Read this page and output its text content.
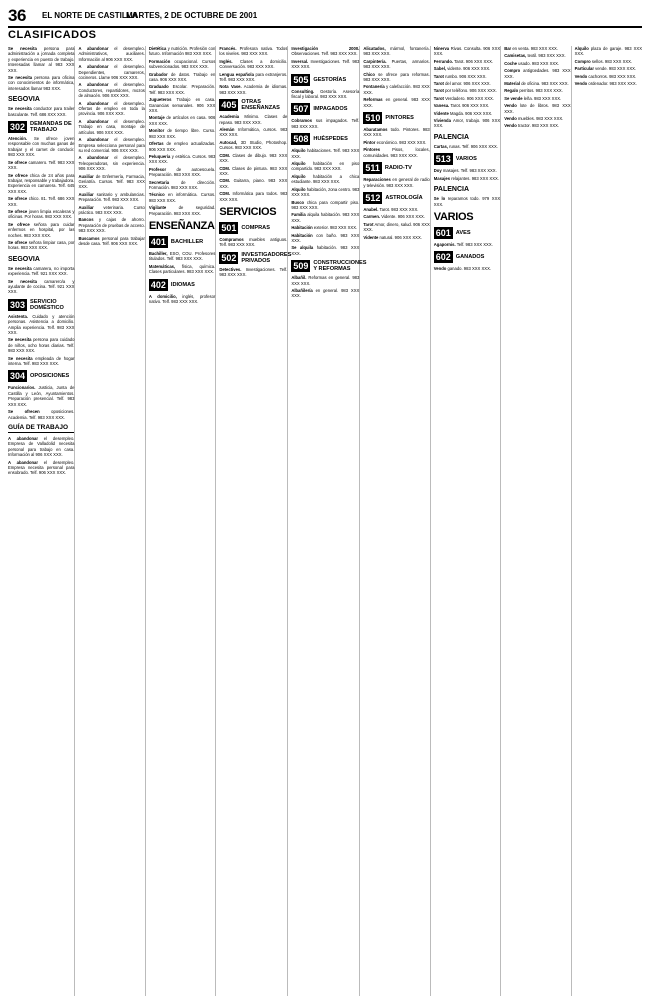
36 EL NORTE DE CASTILLA
MARTES, 2 DE OCTUBRE DE 2001
CLASIFICADOS

Se necesita persona para administración a jornada completa y experiencia en puesto de trabajo. Interesadas llamar al 983 XXX XXX.

Se necesita persona para oficina con conocimientos de informática, interesados llamar 983 XXX.

SEGOVIA

Se necesita conductor para trailer basculante. Telf. 686 XXX XXX.

302 DEMANDAS DE TRABAJO

Atención. Se ofrece joven responsable con muchas ganas de trabajar y el carnet de conducir. 983 XXX XXX.

Se ofrece camarero. Telf. 983 XXX XXX.

Se ofrece chica de 24 años para trabajar, responsable y trabajadora. Experiencia en camarera. Telf. 645 XXX XXX.

Se ofrece chico. 81. Telf. 686 XXX XXX.

Se ofrece joven limpia escaleras y oficinas. Por horas. 983 XXX XXX.

Se ofrece señora para cuidar enfermos en hospital, por las noches. 983 XXX XXX.

Se ofrece señora limpiar casa, por horas. 983 XXX XXX.

SEGOVIA

Se necesita camarera, no importa experiencia. Telf. 921 XXX XXX.

Se necesita camarero/a y ayudante de cocina. Telf. 921 XXX XXX.

303 SERVICIO DOMÉSTICO

Asistenta. Cuidado y atención personas. Asistencia a domicilio. Amplia experiencia. Telf. 983 XXX XXX.

Se necesita persona para cuidado de niños, ocho horas diarias. Telf. 983 XXX XXX.

Se necesita empleada de hogar interna. Telf. 983 XXX XXX.

304 OPOSICIONES

Funcionarios. Justicia, Junta de Castilla y León, Ayuntamientos. Preparación presencial. Telf. 983 XXX XXX.

Se ofrecen	oposiciones. Academia. Telf. 983 XXX XXX.

GUÍA DE TRABAJO

A abandonar el desempleo. Empresa de Valladolid necesita personal para trabajo en casa. Información al 906 XXX XXX.

A abandonar el desempleo. Empresa necesita personal para ensobrado. Telf. 906 XXX XXX.

A abandonar el desempleo. Administrativos, auxiliares. Información al 906 XXX XXX.

A abandonar el desempleo. Dependientes, camareros, cocineros. Llame 906 XXX XXX.

A abandonar el desempleo. Conductores, repartidores, mozos de almacén. 906 XXX XXX.

A abandonar el desempleo. Ofertas de empleo en toda la provincia. 906 XXX XXX.

A abandonar el desempleo. Trabajo en casa, montaje de artículos. 906 XXX XXX.

A abandonar el desempleo. Empresa selecciona personal para su red comercial. 906 XXX XXX.

A abandonar el desempleo. Teleoperadoras, sin experiencia. 906 XXX XXX.

Auxiliar de Enfermería, Farmacia, Geriatría. Cursos. Telf. 983 XXX XXX.

Auxiliar sanitario y ambulancias. Preparación. Telf. 983 XXX XXX.

Auxiliar veterinaria. Curso práctico. 983 XXX XXX.

Bancos y cajas de ahorro. Preparación de pruebas de acceso. 983 XXX XXX.

Buscamos personal para trabajar desde casa. Telf. 906 XXX XXX.

Dietética y nutrición. Profesión con futuro. Información 983 XXX XXX.

Formación ocupacional. Cursos subvencionados. 983 XXX XXX.

Grabador de datos. Trabajo en casa. 906 XXX XXX.

Graduado Escolar. Preparación. Telf. 983 XXX XXX.

Jugueteros Trabajo en casa. Ganancias semanales. 906 XXX XXX.

Montaje de artículos en casa. 906 XXX XXX.

Monitor de tiempo libre. Curso. 983 XXX XXX.

Ofertas de empleo actualizadas. 906 XXX XXX.

Peluquería y estética. Cursos. 983 XXX XXX.

Profesor de autoescuela. Preparación. 983 XXX XXX.

Secretaria	de dirección. Formación. 983 XXX XXX.

Técnico en informática. Cursos. 983 XXX XXX.

Vigilante	de seguridad. Preparación. 983 XXX XXX.

ENSEÑANZA
401 BACHILLER

Bachiller, ESO, COU. Profesores titulados. Telf. 983 XXX XXX.

Matemáticas, física, química. Clases particulares. 983 XXX XXX.

402 IDIOMAS

A domicilio, inglés, profesor nativo. Telf. 983 XXX XXX.

Francés. Profesora nativa. Todos los niveles. 983 XXX XXX.

Inglés. Clases a domicilio. Conversación. 983 XXX XXX.

Lengua española para extranjeros. Telf. 983 XXX XXX.

Nota Vase. Academia de idiomas. 983 XXX XXX.

405 OTRAS ENSEÑANZAS

Academia Mínimo. Clases de repaso. 983 XXX XXX.

Alemán Informática, cursos. 983 XXX XXX.

Autocad, 3D Studio, Photoshop. Cursos. 983 XXX XXX.

CDM. Clases de dibujo. 983 XXX XXX.

CDM. Clases de pintura. 983 XXX XXX.

CDM. Guitarra, piano. 983 XXX XXX.

CDM. Informática para todos. 983 XXX XXX.

SERVICIOS
501 COMPRAS

Compramos muebles antiguos. Telf. 983 XXX XXX.

502 INVESTIGADORES PRIVADOS

Detectives. Investigaciones. Telf. 983 XXX XXX.

Investigación 2000. Observaciones. Telf. 983 XXX XXX.

Inversal. Investigaciones. Telf. 983 XXX XXX.

505 GESTORÍAS

Consulting. Gestoría. Asesoría fiscal y laboral. 983 XXX XXX.

507 IMPAGADOS

Cobramos sus impagados. Telf. 983 XXX XXX.

508 HUÉSPEDES

Alquilo habitaciones. Telf. 983 XXX XXX.

Alquilo habitación en piso compartido. 983 XXX XXX.

Alquilo habitación a chica estudiante. 983 XXX XXX.

Alquilo habitación, zona centro. 983 XXX XXX.

Busco chica para compartir piso. 983 XXX XXX.

Familia alquila habitación. 983 XXX XXX.

Habitación exterior. 983 XXX XXX.

Habitación con baño. 983 XXX XXX.

Se alquila habitación. 983 XXX XXX.

509 CONSTRUCCIONES Y REFORMAS

Albañil. Reformas en general. 983 XXX XXX.

Albañilería en general. 983 XXX XXX.

Alicatados, mármol, fontanería. 983 XXX XXX.

Carpintería. Puertas, armarios. 983 XXX XXX.

Chico se ofrece para reformas. 983 XXX XXX.

Fontanería y calefacción. 983 XXX XXX.

Reformas en general. 983 XXX XXX.

510 PINTORES

Abaratamos todo. Pintores. 983 XXX XXX.

Pintor económico. 983 XXX XXX.

Pintores	Pisos, locales, comunidades. 983 XXX XXX.

511 RADIO-TV

Reparaciones en general de radio y televisión. 983 XXX XXX.

512 ASTROLOGÍA

Anabel. Tarot. 983 XXX XXX.

Carmen. Vidente. 906 XXX XXX.

Tarot Amor, dinero, salud. 906 XXX XXX.

Vidente natural. 906 XXX XXX.

Ninerva Rivas. Consulta. 906 XXX XXX.

Ferrando. Tarot. 906 XXX XXX.

Sabel, vidente. 906 XXX XXX.

Tarot rumbo. 906 XXX XXX.

Tarot del amor. 906 XXX XXX.

Tarot por teléfono. 906 XXX XXX.

Tarot Verdadero. 906 XXX XXX.

Vanesa. Tarot. 906 XXX XXX.

Vidente Magda. 906 XXX XXX.

Vivienda Amor, trabajo. 906 XXX XXX.

PALENCIA

Cartas, runas. Telf. 906 XXX XXX.

513 VARIOS

Doy masajes. Telf. 983 XXX XXX.

Masajes relajantes. 983 XXX XXX.

PALENCIA

Se lo reparamos todo. 979 XXX XXX.

VARIOS
601 AVES

Agapornis. Telf. 983 XXX XXX.

602 GANADOS

Vendo ganado. 983 XXX XXX.

Bar en venta. 983 XXX XXX.

Camisetas, textil. 983 XXX XXX.

Coche usado. 983 XXX XXX.

Compro antigüedades. 983 XXX XXX.

Material de oficina. 983 XXX XXX.

Regalo perritos. 983 XXX XXX.

Se vende leña. 983 XXX XXX.

Vendo lote de libros. 983 XXX XXX.

Vendo muebles. 983 XXX XXX.

Vendo tractor. 983 XXX XXX.

Alquilo plaza de garaje. 983 XXX XXX.

Compro sellos. 983 XXX XXX.

Particular vende. 983 XXX XXX.

Vendo cachorros. 983 XXX XXX.

Vendo ordenador. 983 XXX XXX.
